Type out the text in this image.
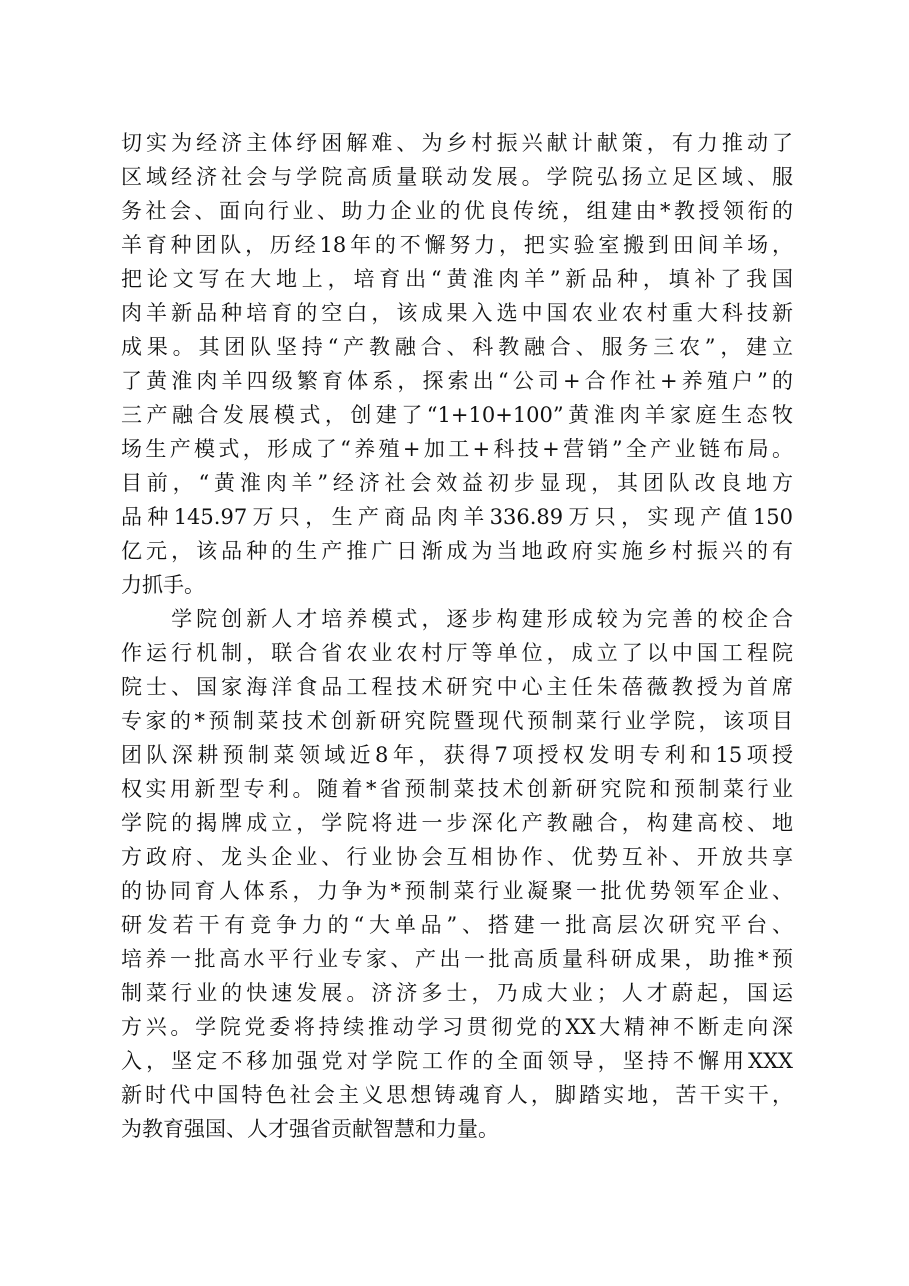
切实为经济主体纾困解难、为乡村振兴献计献策，有力推动了
区域经济社会与学院高质量联动发展。学院弘扬立足区域、服
务社会、面向行业、助力企业的优良传统，组建由*教授领衔的
羊育种团队，历经18年的不懈努力，把实验室搬到田间羊场，
把论文写在大地上，培育出“黄淮肉羊”新品种，填补了我国
肉羊新品种培育的空白，该成果入选中国农业农村重大科技新
成果。其团队坚持“产教融合、科教融合、服务三农”，建立
了黄淮肉羊四级繁育体系，探索出“公司+合作社+养殖户”的
三产融合发展模式，创建了“1+10+100”黄淮肉羊家庭生态牧
场生产模式，形成了“养殖+加工+科技+营销”全产业链布局。
目前，“黄淮肉羊”经济社会效益初步显现，其团队改良地方
品种145.97万只，生产商品肉羊336.89万只，实现产值150
亿元，该品种的生产推广日渐成为当地政府实施乡村振兴的有
力抓手。
　　学院创新人才培养模式，逐步构建形成较为完善的校企合
作运行机制，联合省农业农村厅等单位，成立了以中国工程院
院士、国家海洋食品工程技术研究中心主任朱蓓薇教授为首席
专家的*预制菜技术创新研究院暨现代预制菜行业学院，该项目
团队深耕预制菜领域近8年，获得7项授权发明专利和15项授
权实用新型专利。随着*省预制菜技术创新研究院和预制菜行业
学院的揭牌成立，学院将进一步深化产教融合，构建高校、地
方政府、龙头企业、行业协会互相协作、优势互补、开放共享
的协同育人体系，力争为*预制菜行业凝聚一批优势领军企业、
研发若干有竞争力的“大单品”、搭建一批高层次研究平台、
培养一批高水平行业专家、产出一批高质量科研成果，助推*预
制菜行业的快速发展。济济多士，乃成大业；人才蔚起，国运
方兴。学院党委将持续推动学习贯彻党的XX大精神不断走向深
入，坚定不移加强党对学院工作的全面领导，坚持不懈用XXX
新时代中国特色社会主义思想铸魂育人，脚踏实地，苦干实干，
为教育强国、人才强省贡献智慧和力量。
